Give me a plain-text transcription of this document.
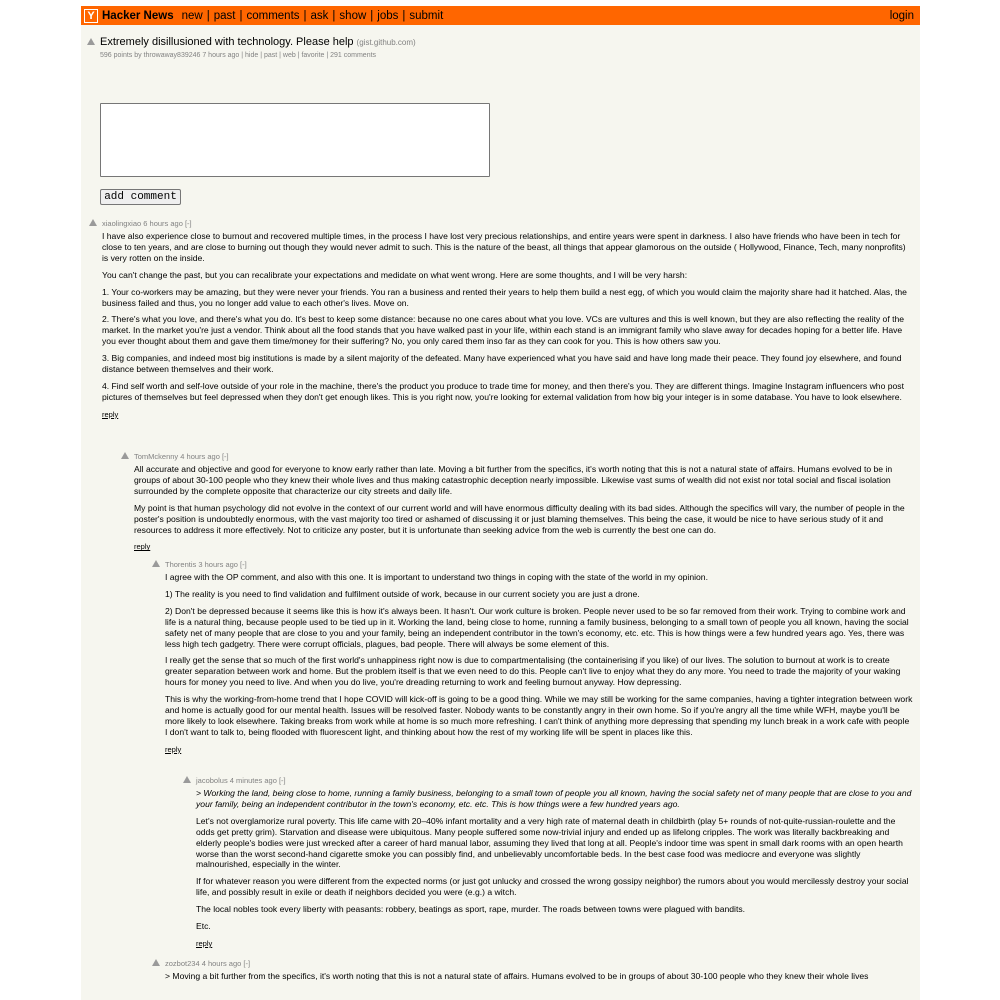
Y Hacker News new | past | comments | ask | show | jobs | submit	login
Extremely disillusioned with technology. Please help (gist.github.com)
596 points by throwaway839246 7 hours ago | hide | past | web | favorite | 291 comments
add comment
xiaolingxiao 6 hours ago [-]

I have also experience close to burnout and recovered multiple times, in the process I have lost very precious relationships, and entire years were spent in darkness. I also have friends who have been in tech for close to ten years, and are close to burning out though they would never admit to such. This is the nature of the beast, all things that appear glamorous on the outside ( Hollywood, Finance, Tech, many nonprofits) is very rotten on the inside.

You can't change the past, but you can recalibrate your expectations and medidate on what went wrong. Here are some thoughts, and I will be very harsh:

1. Your co-workers may be amazing, but they were never your friends. You ran a business and rented their years to help them build a nest egg, of which you would claim the majority share had it hatched. Alas, the business failed and thus, you no longer add value to each other's lives. Move on.

2. There's what you love, and there's what you do. It's best to keep some distance: because no one cares about what you love. VCs are vultures and this is well known, but they are also reflecting the reality of the market. In the market you're just a vendor. Think about all the food stands that you have walked past in your life, within each stand is an immigrant family who slave away for decades hoping for a better life. Have you ever thought about them and gave them time/money for their suffering? No, you only cared them inso far as they can cook for you. This is how others saw you.

3. Big companies, and indeed most big institutions is made by a silent majority of the defeated. Many have experienced what you have said and have long made their peace. They found joy elsewhere, and found distance between themselves and their work.

4. Find self worth and self-love outside of your role in the machine, there's the product you produce to trade time for money, and then there's you. They are different things. Imagine Instagram influencers who post pictures of themselves but feel depressed when they don't get enough likes. This is you right now, you're looking for external validation from how big your integer is in some database. You have to look elsewhere.

reply
TomMckenny 4 hours ago [-]

All accurate and objective and good for everyone to know early rather than late. Moving a bit further from the specifics, it's worth noting that this is not a natural state of affairs. Humans evolved to be in groups of about 30-100 people who they knew their whole lives and thus making catastrophic deception nearly impossible. Likewise vast sums of wealth did not exist nor total social and fiscal isolation surrounded by the complete opposite that characterize our city streets and daily life.

My point is that human psychology did not evolve in the context of our current world and will have enormous difficulty dealing with its bad sides. Although the specifics will vary, the number of people in the poster's position is undoubtedly enormous, with the vast majority too tired or ashamed of discussing it or just blaming themselves. This being the case, it would be nice to have serious study of it and resources to address it more effectively. Not to criticize any poster, but it is unfortunate than seeking advice from the web is currently the best one can do.

reply
Thorentis 3 hours ago [-]

I agree with the OP comment, and also with this one. It is important to understand two things in coping with the state of the world in my opinion.

1) The reality is you need to find validation and fulfilment outside of work, because in our current society you are just a drone.

2) Don't be depressed because it seems like this is how it's always been. It hasn't. Our work culture is broken. People never used to be so far removed from their work. Trying to combine work and life is a natural thing, because people used to be tied up in it. Working the land, being close to home, running a family business, belonging to a small town of people you all known, having the social safety net of many people that are close to you and your family, being an independent contributor in the town's economy, etc. etc. This is how things were a few hundred years ago. Yes, there was less high tech gadgetry. There were corrupt officials, plagues, bad people. There will always be some element of this.

I really get the sense that so much of the first world's unhappiness right now is due to compartmentalising (the containerising if you like) of our lives. The solution to burnout at work is to create greater separation between work and home. But the problem itself is that we even need to do this. People can't live to enjoy what they do any more. You need to trade the majority of your waking hours for money you need to live. And when you do live, you're dreading returning to work and feeling burnout anyway. How depressing.

This is why the working-from-home trend that I hope COVID will kick-off is going to be a good thing. While we may still be working for the same companies, having a tighter integration between work and home is actually good for our mental health. Issues will be resolved faster. Nobody wants to be constantly angry in their own home. So if you're angry all the time while WFH, maybe you'll be more likely to look elsewhere. Taking breaks from work while at home is so much more refreshing. I can't think of anything more depressing that spending my lunch break in a work cafe with people I don't want to talk to, being flooded with fluorescent light, and thinking about how the rest of my working life will be spent in places like this.

reply
jacobolus 4 minutes ago [-]

> Working the land, being close to home, running a family business, belonging to a small town of people you all known, having the social safety net of many people that are close to you and your family, being an independent contributor in the town's economy, etc. etc. This is how things were a few hundred years ago.

Let's not overglamorize rural poverty. This life came with 20–40% infant mortality and a very high rate of maternal death in childbirth (play 5+ rounds of not-quite-russian-roulette and the odds get pretty grim). Starvation and disease were ubiquitous. Many people suffered some now-trivial injury and ended up as lifelong cripples. The work was literally backbreaking and elderly people's bodies were just wrecked after a career of hard manual labor, assuming they lived that long at all. People's indoor time was spent in small dark rooms with an open hearth worse than the worst second-hand cigarette smoke you can possibly find, and unbelievably uncomfortable beds. In the best case food was mediocre and everyone was slightly malnourished, especially in the winter.

If for whatever reason you were different from the expected norms (or just got unlucky and crossed the wrong gossipy neighbor) the rumors about you would mercilessly destroy your social life, and possibly result in exile or death if neighbors decided you were (e.g.) a witch.

The local nobles took every liberty with peasants: robbery, beatings as sport, rape, murder. The roads between towns were plagued with bandits.

Etc.

reply
zozbot234 4 hours ago [-]

> Moving a bit further from the specifics, it's worth noting that this is not a natural state of affairs. Humans evolved to be in groups of about 30-100 people who they knew their whole lives
